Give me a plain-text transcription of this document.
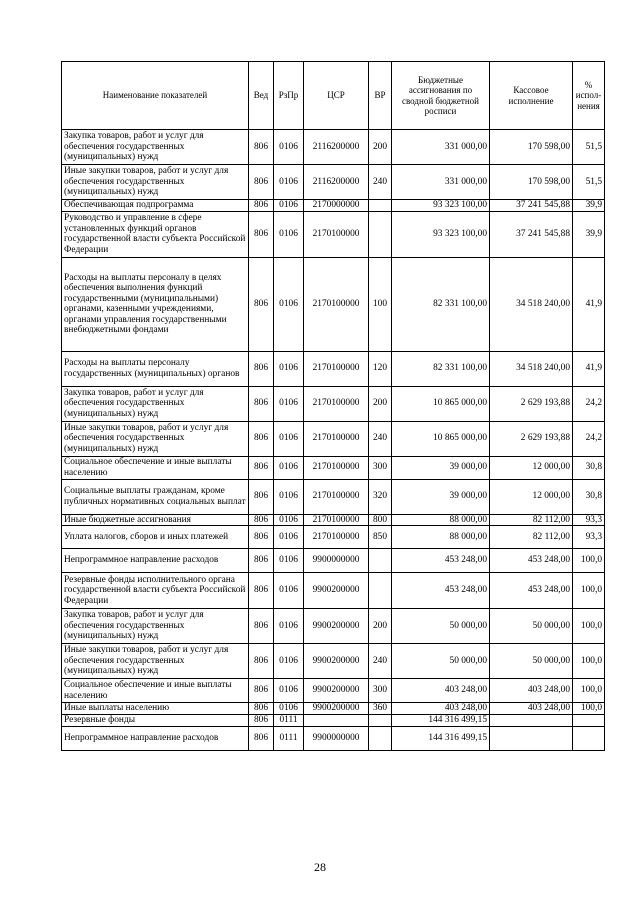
Наименование показателей	Вед	РзПр	ЦСР	ВР	Бюджетные ассигнования по сводной бюджетной росписи	Кассовое исполнение	% испол-нения
Закупка товаров, работ и услуг для обеспечения государственных (муниципальных) нужд	806	0106	2116200000	200	331 000,00	170 598,00	51,5
Иные закупки товаров, работ и услуг для обеспечения государственных (муниципальных) нужд	806	0106	2116200000	240	331 000,00	170 598,00	51,5
Обеспечивающая подпрограмма	806	0106	2170000000		93 323 100,00	37 241 545,88	39,9
Руководство и управление в сфере установленных функций органов государственной власти субъекта Российской Федерации	806	0106	2170100000		93 323 100,00	37 241 545,88	39,9
Расходы на выплаты персоналу в целях обеспечения выполнения функций государственными (муниципальными) органами, казенными учреждениями, органами управления государственными внебюджетными фондами	806	0106	2170100000	100	82 331 100,00	34 518 240,00	41,9
Расходы на выплаты персоналу государственных (муниципальных) органов	806	0106	2170100000	120	82 331 100,00	34 518 240,00	41,9
Закупка товаров, работ и услуг для обеспечения государственных (муниципальных) нужд	806	0106	2170100000	200	10 865 000,00	2 629 193,88	24,2
Иные закупки товаров, работ и услуг для обеспечения государственных (муниципальных) нужд	806	0106	2170100000	240	10 865 000,00	2 629 193,88	24,2
Социальное обеспечение и иные выплаты населению	806	0106	2170100000	300	39 000,00	12 000,00	30,8
Социальные выплаты гражданам, кроме публичных нормативных социальных выплат	806	0106	2170100000	320	39 000,00	12 000,00	30,8
Иные бюджетные ассигнования	806	0106	2170100000	800	88 000,00	82 112,00	93,3
Уплата налогов, сборов и иных платежей	806	0106	2170100000	850	88 000,00	82 112,00	93,3
Непрограммное направление расходов	806	0106	9900000000		453 248,00	453 248,00	100,0
Резервные фонды исполнительного органа государственной власти субъекта Российской Федерации	806	0106	9900200000		453 248,00	453 248,00	100,0
Закупка товаров, работ и услуг для обеспечения государственных (муниципальных) нужд	806	0106	9900200000	200	50 000,00	50 000,00	100,0
Иные закупки товаров, работ и услуг для обеспечения государственных (муниципальных) нужд	806	0106	9900200000	240	50 000,00	50 000,00	100,0
Социальное обеспечение и иные выплаты населению	806	0106	9900200000	300	403 248,00	403 248,00	100,0
Иные выплаты населению	806	0106	9900200000	360	403 248,00	403 248,00	100,0
Резервные фонды	806	0111			144 316 499,15		
Непрограммное направление расходов	806	0111	9900000000		144 316 499,15		
28
